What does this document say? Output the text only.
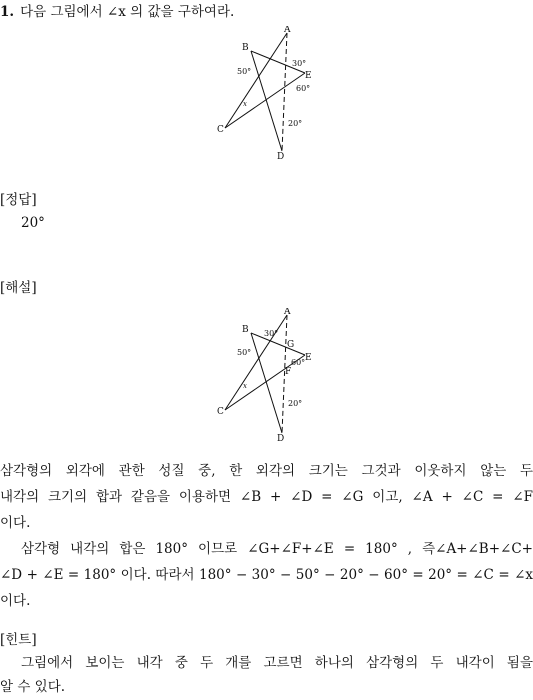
1. 다음 그림에서 ∠x 의 값을 구하여라.
A
B
C
D
E
x
50°
30°
60°
20°
[정답]
20°
[해설]
A
B
C
D
E
G
F
x
50°
30°
60°
20°
삼각형의 외각에 관한 성질 중, 한 외각의 크기는 그것과 이웃하지 않는 두
내각의 크기의 합과 같음을 이용하면 ∠B + ∠D = ∠G 이고, ∠A + ∠C = ∠F
이다.
삼각형 내각의 합은 180° 이므로 ∠G+∠F+∠E = 180° , 즉∠A+∠B+∠C+
∠D + ∠E = 180° 이다. 따라서 180° − 30° − 50° − 20° − 60° = 20° = ∠C = ∠x
이다.
[힌트]
그림에서 보이는 내각 중 두 개를 고르면 하나의 삼각형의 두 내각이 됨을
알 수 있다.
